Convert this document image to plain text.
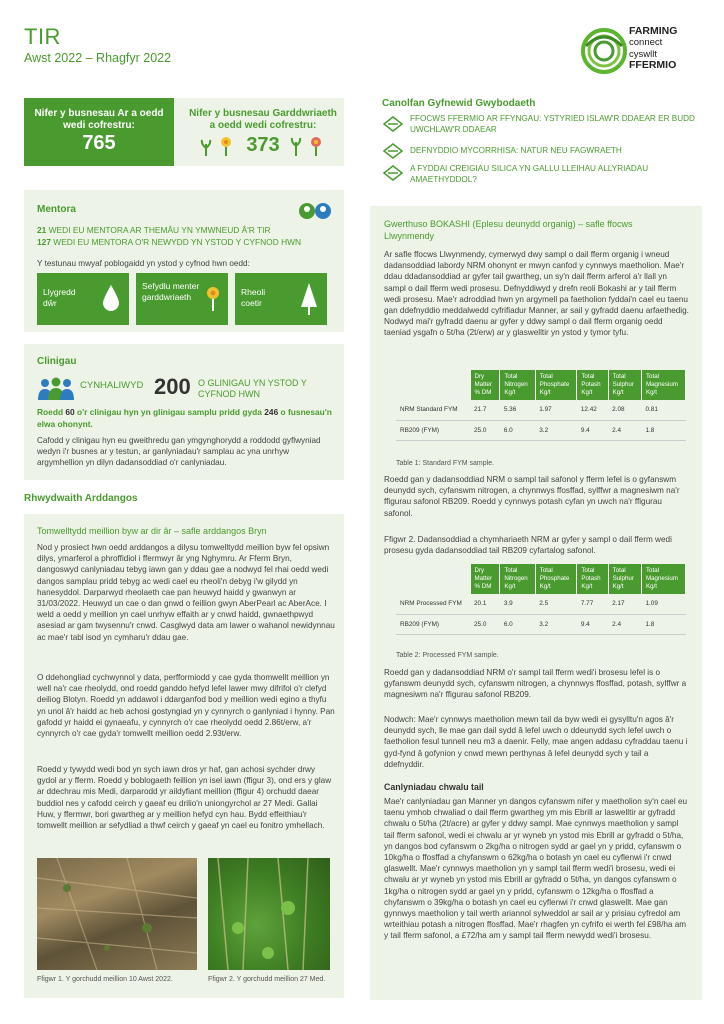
TIR
Awst 2022 – Rhagfyr 2022
FARMING
connect
cyswllt
FFERMIO
Nifer y busnesau Ar a oedd wedi cofrestru:
765
Nifer y busnesau Garddwriaeth a oedd wedi cofrestru:
373
Mentora
21 WEDI EU MENTORA AR THEMÂU YN YMWNEUD Â'R TIR
127 WEDI EU MENTORA O'R NEWYDD YN YSTOD Y CYFNOD HWN
Y testunau mwyaf poblogaidd yn ystod y cyfnod hwn oedd:
Llygredd dŵr
Sefydlu menter garddwriaeth	Rheoli coetir
Clinigau
CYNHALIWYD 200 O GLINIGAU YN YSTOD Y CYFNOD HWN
Roedd 60 o'r clinigau hyn yn glinigau samplu pridd gyda 246 o fusnesau'n elwa ohonynt.
Cafodd y clinigau hyn eu gweithredu gan ymgynghorydd a roddodd gyflwyniad wedyn i'r busnes ar y testun, ar ganlyniadau'r samplau ac yna unrhyw argymhellion yn dilyn dadansoddiad o'r canlyniadau.
Rhwydwaith Arddangos
Tomwelltydd meillion byw ar dir âr – safle arddangos Bryn
Nod y prosiect hwn oedd arddangos a dilysu tomwelltydd meillion byw fel opsiwn dilys, ymarferol a phroffidiol i ffermwyr âr yng Nghymru. Ar Fferm Bryn, dangoswyd canlyniadau tebyg iawn gan y ddau gae a nodwyd fel rhai oedd wedi dangos samplau pridd tebyg ac wedi cael eu rheoli'n debyg i'w gilydd yn hanesyddol. Darparwyd rheolaeth cae pan heuwyd haidd y gwanwyn ar 31/03/2022. Heuwyd un cae o dan gnwd o feillion gwyn AberPearl ac AberAce. I weld a oedd y meillion yn cael unrhyw effaith ar y cnwd haidd, gwnaethpwyd asesiad ar gam twysennu'r cnwd. Casglwyd data am lawer o wahanol newidynnau ac mae'r tabl isod yn cymharu'r ddau gae.
O ddehongliad cychwynnol y data, perfformiodd y cae gyda thomwellt meillion yn well na'r cae rheolydd, ond roedd ganddo hefyd lefel lawer mwy difrifol o'r clefyd deiliog Blotyn. Roedd yn addawol i ddarganfod bod y meillion wedi egino a thyfu yn unol â'r haidd ac heb achosi gostyngiad yn y cynnyrch o ganlyniad i hynny. Pan gafodd yr haidd ei gynaeafu, y cynnyrch o'r cae rheolydd oedd 2.86t/erw, a'r cynnyrch o'r cae gyda'r tomwellt meillion oedd 2.93t/erw.
Roedd y tywydd wedi bod yn sych iawn dros yr haf, gan achosi sychder drwy gydol ar y fferm. Roedd y boblogaeth feillion yn isel iawn (ffigur 3), ond ers y glaw ar ddechrau mis Medi, darparodd yr aildyfiant meillion (ffigur 4) orchudd daear buddiol nes y cafodd ceirch y gaeaf eu drilio'n uniongyrchol ar 27 Medi. Gallai Huw, y ffermwr, bori gwartheg ar y meillion hefyd cyn hau. Bydd effeithiau'r tomwellt meillion ar sefydliad a thwf ceirch y gaeaf yn cael eu fonitro ymhellach.
Ffigwr 1. Y gorchudd meillion 10 Awst 2022.	Ffigwr 2. Y gorchudd meillion 27 Med.
Canolfan Gyfnewid Gwybodaeth
FFOCWS FFERMIO AR FFYNGAU: YSTYRIED ISLAW'R DDAEAR ER BUDD UWCHLAW'R DDAEAR
DEFNYDDIO MYCORRHISA: NATUR NEU FAGWRAETH
A FYDDAI CREIGIAU SILICA YN GALLU LLEIHAU ALLYRIADAU AMAETHYDDOL?
Gwerthuso BOKASHI (Eplesu deunydd organig) – safle ffocws Llwynmendy
Ar safle ffocws Llwynmendy, cymerwyd dwy sampl o dail fferm organig i wneud dadansoddiad labordy NRM ohonynt er mwyn canfod y cynnwys maetholion. Mae'r ddau ddadansoddiad ar gyfer tail gwartheg, un sy'n dail fferm arferol a'r llall yn sampl o dail fferm wedi prosesu. Defnyddiwyd y drefn reoli Bokashi ar y tail fferm wedi prosesu. Mae'r adroddiad hwn yn argymell pa faetholion fyddai'n cael eu taenu gan ddefnyddio meddalwedd cyfrifiadur Manner, ar sail y gyfradd daenu arfaethedig. Nodwyd mai'r gyfradd daenu ar gyfer y ddwy sampl o dail fferm organig oedd taeniad ysgafn o 5t/ha (2t/erw) ar y glaswelltir yn ystod y tymor tyfu.
	Dry Matter % DM	Total Nitrogen Kg/t	Total Phosphate Kg/t	Total Potash Kg/t	Total Sulphur Kg/t	Total Magnesium Kg/t
NRM Standard FYM	21.7	5.36	1.97	12.42	2.08	0.81
RB209 (FYM)	25.0	6.0	3.2	9.4	2.4	1.8
Table 1: Standard FYM sample.
Roedd gan y dadansoddiad NRM o sampl tail safonol y fferm lefel is o gyfanswm deunydd sych, cyfanswm nitrogen, a chynnwys ffosffad, sylffwr a magnesiwm na'r ffigurau safonol RB209. Roedd y cynnwys potash cyfan yn uwch na'r ffigurau safonol.
Ffigwr 2. Dadansoddiad a chymhariaeth NRM ar gyfer y sampl o dail fferm wedi prosesu gyda dadansoddiad tail RB209 cyfartalog safonol.
	Dry Matter % DM	Total Nitrogen Kg/t	Total Phosphate Kg/t	Total Potash Kg/t	Total Sulphur Kg/t	Total Magnesium Kg/t
NRM Processed FYM	20.1	3.9	2.5	7.77	2.17	1.09
RB209 (FYM)	25.0	6.0	3.2	9.4	2.4	1.8
Table 2: Processed FYM sample.
Roedd gan y dadansoddiad NRM o'r sampl tail fferm wedi'i brosesu lefel is o gyfanswm deunydd sych, cyfanswm nitrogen, a chynnwys ffosffad, potash, sylffwr a magnesiwm na'r ffigurau safonol RB209.
Nodwch: Mae'r cynnwys maetholion mewn tail da byw wedi ei gysylltu'n agos â'r deunydd sych, lle mae gan dail sydd â lefel uwch o ddeunydd sych lefel uwch o faetholion fesul tunnell neu m3 a daenir. Felly, mae angen addasu cyfraddau taenu i gyd-fynd â gofynion y cnwd mewn perthynas â lefel deunydd sych y tail a ddefnyddir.
Canlyniadau chwalu tail
Mae'r canlyniadau gan Manner yn dangos cyfanswm nifer y maetholion sy'n cael eu taenu ymhob chwaliad o dail fferm gwartheg ym mis Ebrill ar laswelltir ar gyfradd chwalu o 5t/ha (2t/acre) ar gyfer y ddwy sampl. Mae cynnwys maetholion y sampl tail fferm safonol, wedi ei chwalu ar yr wyneb yn ystod mis Ebrill ar gyfradd o 5t/ha, yn dangos bod cyfanswm o 2kg/ha o nitrogen sydd ar gael yn y pridd, cyfanswm o 10kg/ha o ffosffad a chyfanswm o 62kg/ha o botash yn cael eu cyflenwi i'r cnwd glaswellt. Mae'r cynnwys maetholion yn y sampl tail fferm wedi'i brosesu, wedi ei chwalu ar yr wyneb yn ystod mis Ebrill ar gyfradd o 5t/ha, yn dangos cyfanswm o 1kg/ha o nitrogen sydd ar gael yn y pridd, cyfanswm o 12kg/ha o ffosffad a chyfanswm o 39kg/ha o botash yn cael eu cyflenwi i'r cnwd glaswellt. Mae gan gynnwys maetholion y tail werth ariannol sylweddol ar sail ar y prisiau cyfredol am wrteithiau potash a nitrogen ffosffad. Mae'r rhagfen yn cyfrifo ei werth fel £98/ha am y tail fferm safonol, a £72/ha am y sampl tail fferm newydd wedi'i brosesu.
